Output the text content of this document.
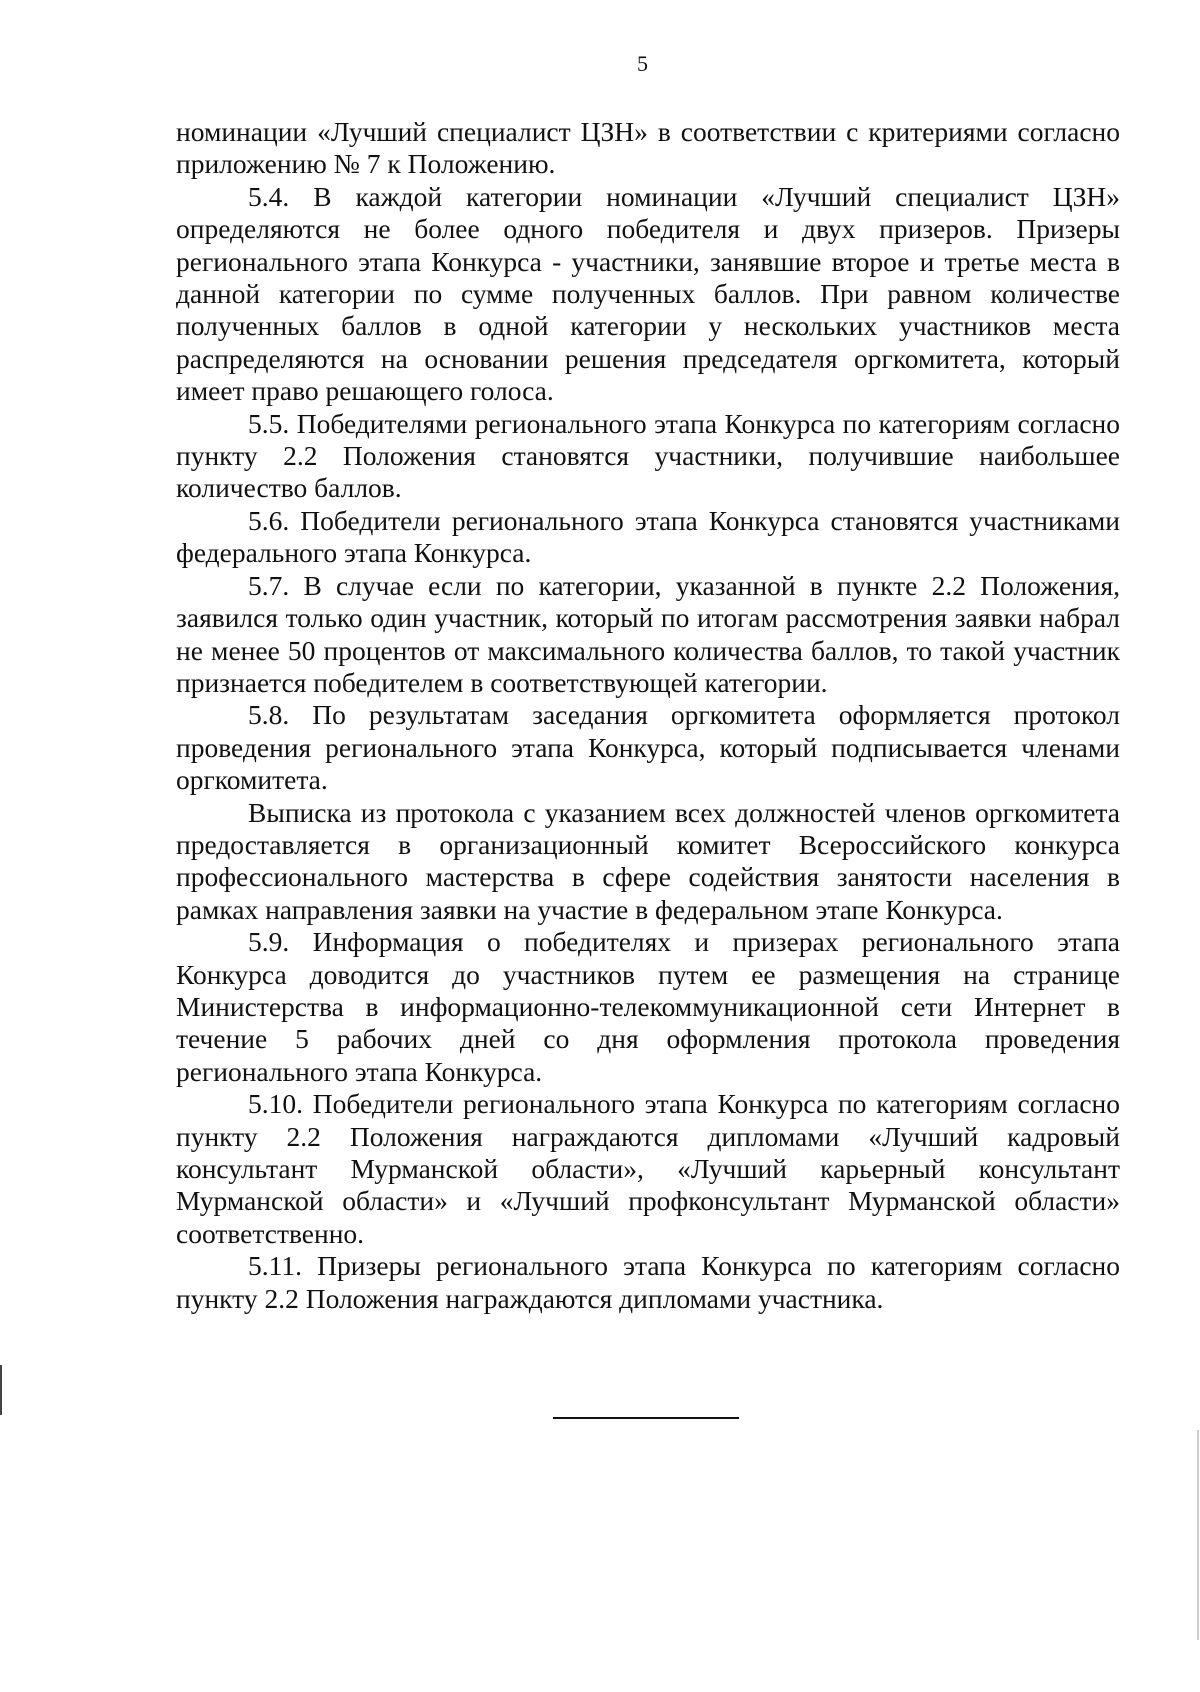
5

номинации «Лучший специалист ЦЗН» в соответствии с критериями согласно приложению № 7 к Положению.

5.4. В каждой категории номинации «Лучший специалист ЦЗН» определяются не более одного победителя и двух призеров. Призеры регионального этапа Конкурса - участники, занявшие второе и третье места в данной категории по сумме полученных баллов. При равном количестве полученных баллов в одной категории у нескольких участников места распределяются на основании решения председателя оргкомитета, который имеет право решающего голоса.

5.5. Победителями регионального этапа Конкурса по категориям согласно пункту 2.2 Положения становятся участники, получившие наибольшее количество баллов.

5.6. Победители регионального этапа Конкурса становятся участниками федерального этапа Конкурса.

5.7. В случае если по категории, указанной в пункте 2.2 Положения, заявился только один участник, который по итогам рассмотрения заявки набрал не менее 50 процентов от максимального количества баллов, то такой участник признается победителем в соответствующей категории.

5.8. По результатам заседания оргкомитета оформляется протокол проведения регионального этапа Конкурса, который подписывается членами оргкомитета.

Выписка из протокола с указанием всех должностей членов оргкомитета предоставляется в организационный комитет Всероссийского конкурса профессионального мастерства в сфере содействия занятости населения в рамках направления заявки на участие в федеральном этапе Конкурса.

5.9. Информация о победителях и призерах регионального этапа Конкурса доводится до участников путем ее размещения на странице Министерства в информационно-телекоммуникационной сети Интернет в течение 5 рабочих дней со дня оформления протокола проведения регионального этапа Конкурса.

5.10. Победители регионального этапа Конкурса по категориям согласно пункту 2.2 Положения награждаются дипломами «Лучший кадровый консультант Мурманской области», «Лучший карьерный консультант Мурманской области» и «Лучший профконсультант Мурманской области» соответственно.

5.11. Призеры регионального этапа Конкурса по категориям согласно пункту 2.2 Положения награждаются дипломами участника.
